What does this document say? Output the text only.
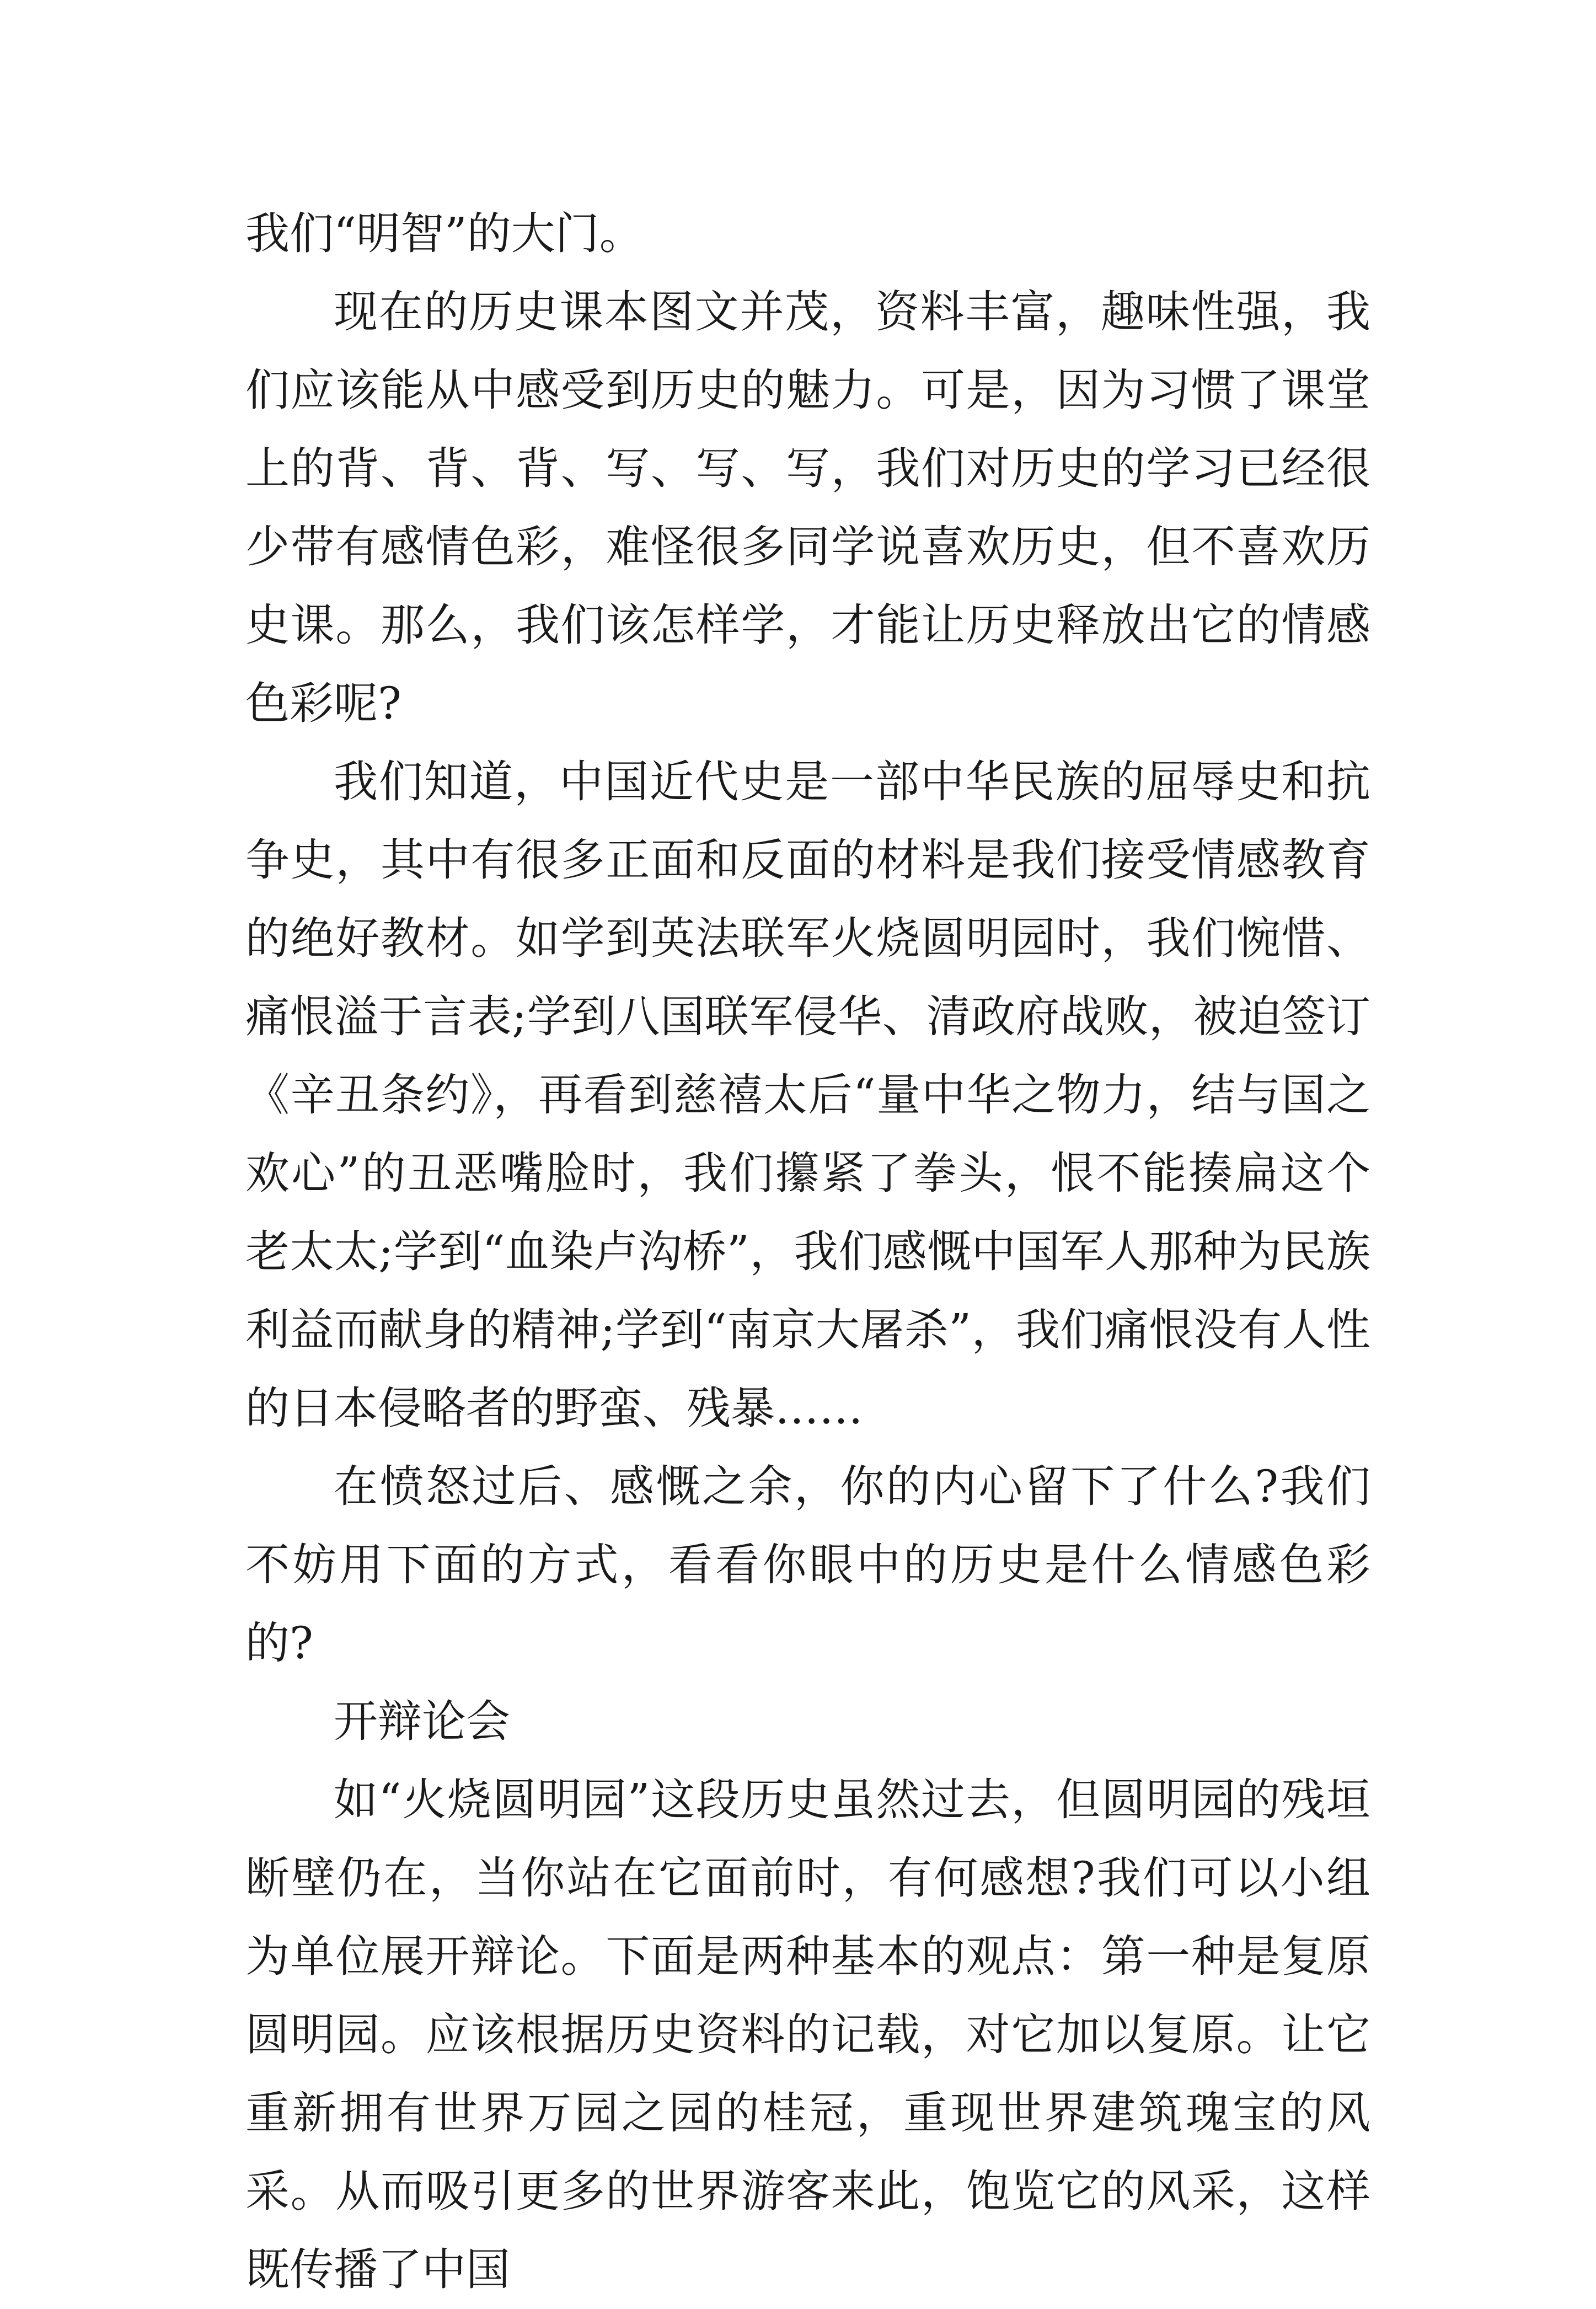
我们“明智”的大门。

现在的历史课本图文并茂，资料丰富，趣味性强，我们应该能从中感受到历史的魅力。可是，因为习惯了课堂上的背、背、背、写、写、写，我们对历史的学习已经很少带有感情色彩，难怪很多同学说喜欢历史，但不喜欢历史课。那么，我们该怎样学，才能让历史释放出它的情感色彩呢?

我们知道，中国近代史是一部中华民族的屈辱史和抗争史，其中有很多正面和反面的材料是我们接受情感教育的绝好教材。如学到英法联军火烧圆明园时，我们惋惜、痛恨溢于言表;学到八国联军侵华、清政府战败，被迫签订《辛丑条约》，再看到慈禧太后“量中华之物力，结与国之欢心”的丑恶嘴脸时，我们攥紧了拳头，恨不能揍扁这个老太太;学到“血染卢沟桥”，我们感慨中国军人那种为民族利益而献身的精神;学到“南京大屠杀”，我们痛恨没有人性的日本侵略者的野蛮、残暴……

在愤怒过后、感慨之余，你的内心留下了什么?我们不妨用下面的方式，看看你眼中的历史是什么情感色彩的?

开辩论会

如“火烧圆明园”这段历史虽然过去，但圆明园的残垣断壁仍在，当你站在它面前时，有何感想?我们可以小组为单位展开辩论。下面是两种基本的观点：第一种是复原圆明园。应该根据历史资料的记载，对它加以复原。让它重新拥有世界万园之园的桂冠，重现世界建筑瑰宝的风采。从而吸引更多的世界游客来此，饱览它的风采，这样既传播了中国
